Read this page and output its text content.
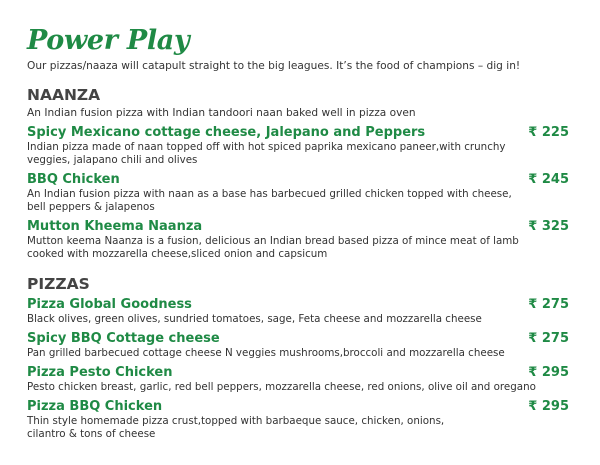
Power Play
Our pizzas/naaza will catapult straight to the big leagues. It’s the food of champions – dig in!
NAANZA
An Indian fusion pizza with Indian tandoori naan baked well in pizza oven
Spicy Mexicano cottage cheese, Jalepano and Peppers	₹ 225
Indian pizza made of naan topped off with hot spiced paprika mexicano paneer,with crunchy
veggies, jalapano chili and olives
BBQ Chicken	₹ 245
An Indian fusion pizza with naan as a base has barbecued grilled chicken topped with cheese,
bell peppers & jalapenos
Mutton Kheema Naanza	₹ 325
Mutton keema Naanza is a fusion, delicious an Indian bread based pizza of mince meat of lamb
cooked with mozzarella cheese,sliced onion and capsicum
PIZZAS
Pizza Global Goodness	₹ 275
Black olives, green olives, sundried tomatoes, sage, Feta cheese and mozzarella cheese
Spicy BBQ Cottage cheese	₹ 275
Pan grilled barbecued cottage cheese N veggies mushrooms,broccoli and mozzarella cheese
Pizza Pesto Chicken	₹ 295
Pesto chicken breast, garlic, red bell peppers, mozzarella cheese, red onions, olive oil and oregano
Pizza BBQ Chicken	₹ 295
Thin style homemade pizza crust,topped with barbaeque sauce, chicken, onions,
cilantro & tons of cheese
